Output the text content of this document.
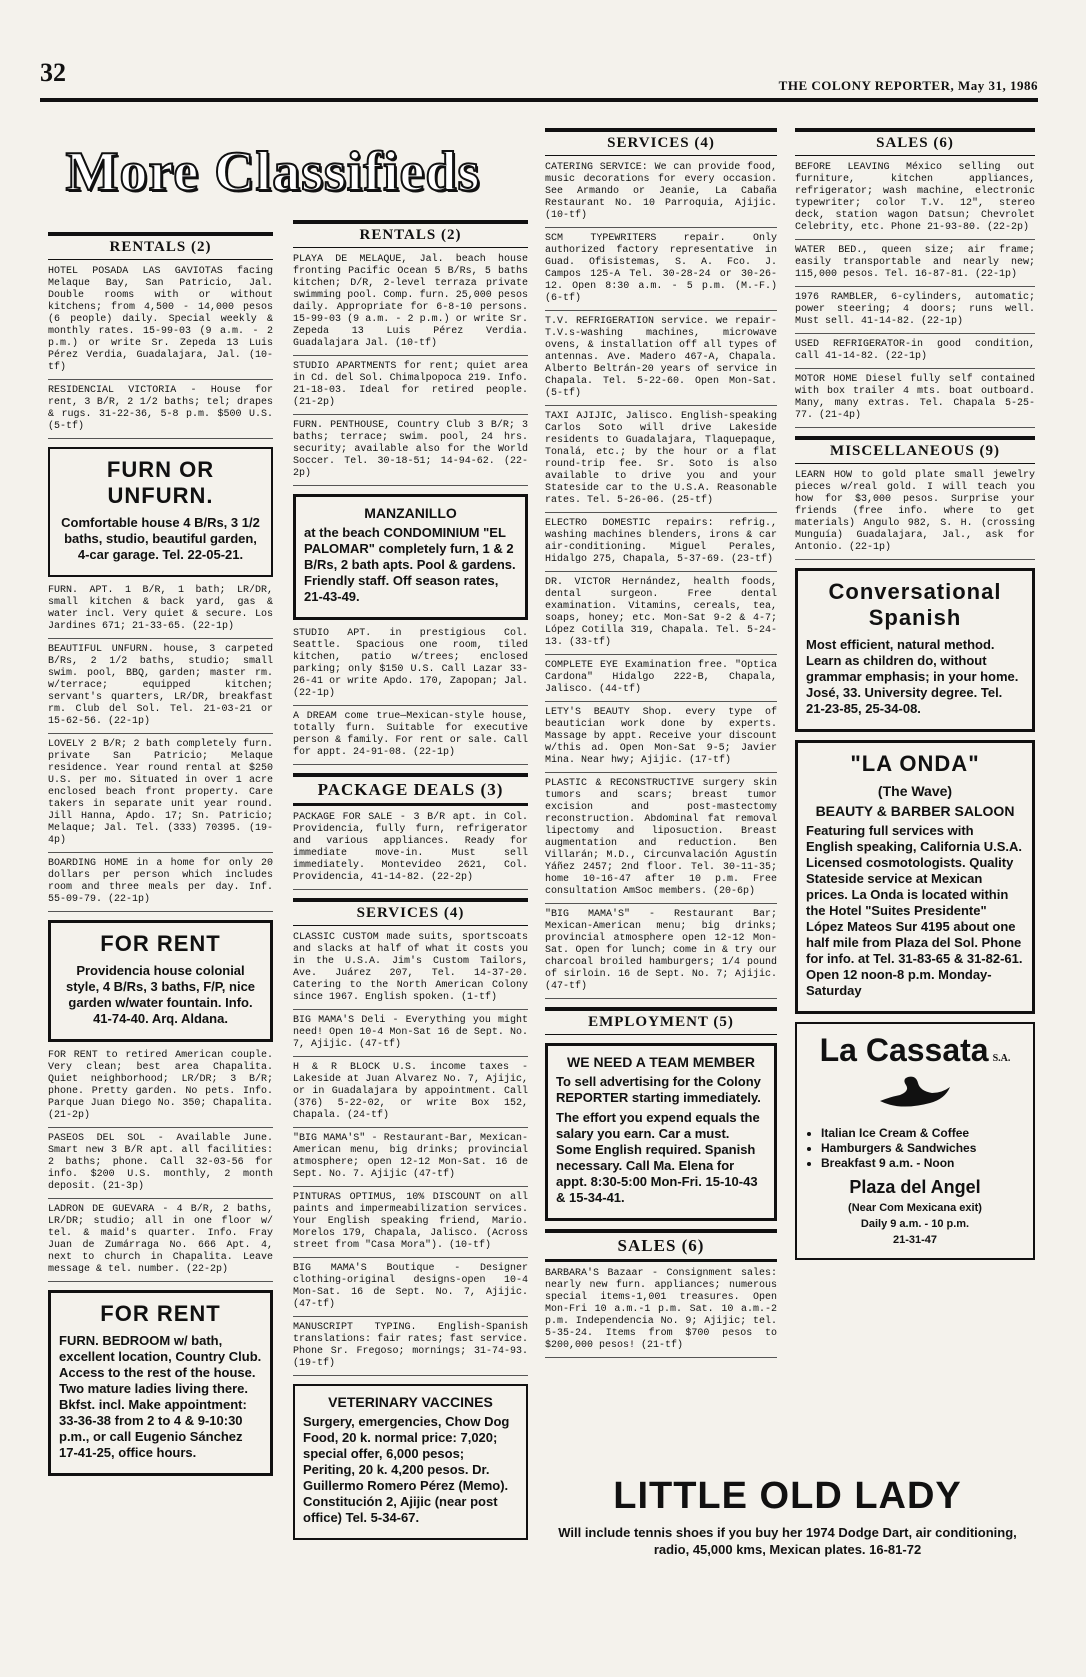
32	THE COLONY REPORTER, May 31, 1986
More Classifieds
RENTALS (2)

HOTEL POSADA LAS GAVIOTAS facing Melaque Bay, San Patricio, Jal. Double rooms with or without kitchens; from 4,500 - 14,000 pesos (6 people) daily. Special weekly & monthly rates. 15-99-03 (9 a.m. - 2 p.m.) or write Sr. Zepeda 13 Luis Pérez Verdia, Guadalajara, Jal. (10-tf)

RESIDENCIAL VICTORIA - House for rent, 3 B/R, 2 1/2 baths; tel; drapes & rugs. 31-22-36, 5-8 p.m. $500 U.S. (5-tf)

FURN OR UNFURN.

Comfortable house 4 B/Rs, 3 1/2 baths, studio, beautiful garden, 4-car garage. Tel. 22-05-21.

FURN. APT. 1 B/R, 1 bath; LR/DR, small kitchen & back yard, gas & water incl. Very quiet & secure. Los Jardines 671; 21-33-65. (22-1p)

BEAUTIFUL UNFURN. house, 3 carpeted B/Rs, 2 1/2 baths, studio; small swim. pool, BBQ, garden; master rm. w/terrace; equipped kitchen; servant's quarters, LR/DR, breakfast rm. Club del Sol. Tel. 21-03-21 or 15-62-56. (22-1p)

LOVELY 2 B/R; 2 bath completely furn. private San Patricio; Melaque residence. Year round rental at $250 U.S. per mo. Situated in over 1 acre enclosed beach front property. Care takers in separate unit year round. Jill Hanna, Apdo. 17; Sn. Patricio; Melaque; Jal. Tel. (333) 70395. (19-4p)

BOARDING HOME in a home for only 20 dollars per person which includes room and three meals per day. Inf. 55-09-79. (22-1p)

FOR RENT

Providencia house colonial style, 4 B/Rs, 3 baths, F/P, nice garden w/water fountain. Info. 41-74-40. Arq. Aldana.

FOR RENT to retired American couple. Very clean; best area Chapalita. Quiet neighborhood; LR/DR; 3 B/R; phone. Pretty garden. No pets. Info. Parque Juan Diego No. 350; Chapalita. (21-2p)

PASEOS DEL SOL - Available June. Smart new 3 B/R apt. all facilities: 2 baths; phone. Call 32-03-56 for info. $200 U.S. monthly, 2 month deposit. (21-3p)

LADRON DE GUEVARA - 4 B/R, 2 baths, LR/DR; studio; all in one floor w/ tel. & maid's quarter. Info. Fray Juan de Zumárraga No. 666 Apt. 4, next to church in Chapalita. Leave message & tel. number. (22-2p)

FOR RENT

FURN. BEDROOM w/ bath, excellent location, Country Club. Access to the rest of the house. Two mature ladies living there. Bkfst. incl. Make appointment: 33-36-38 from 2 to 4 & 9-10:30 p.m., or call Eugenio Sánchez 17-41-25, office hours.

RENTALS (2)

PLAYA DE MELAQUE, Jal. beach house fronting Pacific Ocean 5 B/Rs, 5 baths kitchen; D/R, 2-level terraza private swimming pool. Comp. furn. 25,000 pesos daily. Appropriate for 6-8-10 persons. 15-99-03 (9 a.m. - 2 p.m.) or write Sr. Zepeda 13 Luis Pérez Verdia. Guadalajara Jal. (10-tf)

STUDIO APARTMENTS for rent; quiet area in Cd. del Sol. Chimalpopoca 219. Info. 21-18-03. Ideal for retired people. (21-2p)

FURN. PENTHOUSE, Country Club 3 B/R; 3 baths; terrace; swim. pool, 24 hrs. security; available also for the World Soccer. Tel. 30-18-51; 14-94-62. (22-2p)

MANZANILLO

at the beach CONDOMINIUM "EL PALOMAR" completely furn, 1 & 2 B/Rs, 2 bath apts. Pool & gardens. Friendly staff. Off season rates, 21-43-49.

STUDIO APT. in prestigious Col. Seattle. Spacious one room, tiled kitchen, patio w/trees; enclosed parking; only $150 U.S. Call Lazar 33-26-41 or write Apdo. 170, Zapopan; Jal. (22-1p)

A DREAM come true—Mexican-style house, totally furn. Suitable for executive person & family. For rent or sale. Call for appt. 24-91-08. (22-1p)

PACKAGE DEALS (3)

PACKAGE FOR SALE - 3 B/R apt. in Col. Providencia, fully furn, refrigerator and various appliances. Ready for immediate move-in. Must sell immediately. Montevideo 2621, Col. Providencia, 41-14-82. (22-2p)

SERVICES (4)

CLASSIC CUSTOM made suits, sportscoats and slacks at half of what it costs you in the U.S.A. Jim's Custom Tailors, Ave. Juárez 207, Tel. 14-37-20. Catering to the North American Colony since 1967. English spoken. (1-tf)

BIG MAMA'S Deli - Everything you might need! Open 10-4 Mon-Sat 16 de Sept. No. 7, Ajijic. (47-tf)

H & R BLOCK U.S. income taxes - Lakeside at Juan Alvarez No. 7, Ajijic, or in Guadalajara by appointment. Call (376) 5-22-02, or write Box 152, Chapala. (24-tf)

"BIG MAMA'S" - Restaurant-Bar, Mexican-American menu, big drinks; provincial atmosphere; open 12-12 Mon-Sat. 16 de Sept. No. 7. Ajijic (47-tf)

PINTURAS OPTIMUS, 10% DISCOUNT on all paints and impermeabilization services. Your English speaking friend, Mario. Morelos 179, Chapala, Jalisco. (Across street from "Casa Mora"). (10-tf)

BIG MAMA'S Boutique - Designer clothing-original designs-open 10-4 Mon-Sat. 16 de Sept. No. 7, Ajijic. (47-tf)

MANUSCRIPT TYPING. English-Spanish translations: fair rates; fast service. Phone Sr. Fregoso; mornings; 31-74-93. (19-tf)

VETERINARY VACCINES

Surgery, emergencies, Chow Dog Food, 20 k. normal price: 7,020; special offer, 6,000 pesos; Periting, 20 k. 4,200 pesos. Dr. Guillermo Romero Pérez (Memo). Constitución 2, Ajijic (near post office) Tel. 5-34-67.

SERVICES (4)

CATERING SERVICE: We can provide food, music decorations for every occasion. See Armando or Jeanie, La Cabaña Restaurant No. 10 Parroquia, Ajijic. (10-tf)

SCM TYPEWRITERS repair. Only authorized factory representative in Guad. Ofisistemas, S. A. Fco. J. Campos 125-A Tel. 30-28-24 or 30-26-12. Open 8:30 a.m. - 5 p.m. (M.-F.) (6-tf)

T.V. REFRIGERATION service. we repair-T.V.s-washing machines, microwave ovens, & installation off all types of antennas. Ave. Madero 467-A, Chapala. Alberto Beltrán-20 years of service in Chapala. Tel. 5-22-60. Open Mon-Sat. (5-tf)

TAXI AJIJIC, Jalisco. English-speaking Carlos Soto will drive Lakeside residents to Guadalajara, Tlaquepaque, Tonalá, etc.; by the hour or a flat round-trip fee. Sr. Soto is also available to drive you and your Stateside car to the U.S.A. Reasonable rates. Tel. 5-26-06. (25-tf)

ELECTRO DOMESTIC repairs: refrig., washing machines blenders, irons & car air-conditioning. Miguel Perales, Hidalgo 275, Chapala, 5-37-69. (23-tf)

DR. VICTOR Hernández, health foods, dental surgeon. Free dental examination. Vitamins, cereals, tea, soaps, honey; etc. Mon-Sat 9-2 & 4-7; López Cotilla 319, Chapala. Tel. 5-24-13. (33-tf)

COMPLETE EYE Examination free. "Optica Cardona" Hidalgo 222-B, Chapala, Jalisco. (44-tf)

LETY'S BEAUTY Shop. every type of beautician work done by experts. Massage by appt. Receive your discount w/this ad. Open Mon-Sat 9-5; Javier Mina. Near hwy; Ajijic. (17-tf)

PLASTIC & RECONSTRUCTIVE surgery skin tumors and scars; breast tumor excision and post-mastectomy reconstruction. Abdominal fat removal lipectomy and liposuction. Breast augmentation and reduction. Ben Villarán; M.D., Circunvalación Agustín Yáñez 2457; 2nd floor. Tel. 30-11-35; home 10-16-47 after 10 p.m. Free consultation AmSoc members. (20-6p)

"BIG MAMA'S" - Restaurant Bar; Mexican-American menu; big drinks; provincial atmosphere open 12-12 Mon-Sat. Open for lunch; come in & try our charcoal broiled hamburgers; 1/4 pound of sirloin. 16 de Sept. No. 7; Ajijic. (47-tf)

EMPLOYMENT (5)
WE NEED A TEAM MEMBER

To sell advertising for the Colony REPORTER starting immediately.

The effort you expend equals the salary you earn. Car a must. Some English required. Spanish necessary. Call Ma. Elena for appt. 8:30-5:00 Mon-Fri. 15-10-43 & 15-34-41.

SALES (6)

BARBARA'S Bazaar - Consignment sales: nearly new furn. appliances; numerous special items-1,001 treasures. Open Mon-Fri 10 a.m.-1 p.m. Sat. 10 a.m.-2 p.m. Independencia No. 9; Ajijic; tel. 5-35-24. Items from $700 pesos to $200,000 pesos! (21-tf)

SALES (6)

BEFORE LEAVING México selling out furniture, kitchen appliances, refrigerator; wash machine, electronic typewriter; color T.V. 12", stereo deck, station wagon Datsun; Chevrolet Celebrity, etc. Phone 21-93-80. (22-2p)

WATER BED., queen size; air frame; easily transportable and nearly new; 115,000 pesos. Tel. 16-87-81. (22-1p)

1976 RAMBLER, 6-cylinders, automatic; power steering; 4 doors; runs well. Must sell. 41-14-82. (22-1p)

USED REFRIGERATOR-in good condition, call 41-14-82. (22-1p)

MOTOR HOME Diesel fully self contained with box trailer 4 mts. boat outboard. Many, many extras. Tel. Chapala 5-25-77. (21-4p)

MISCELLANEOUS (9)

LEARN HOW to gold plate small jewelry pieces w/real gold. I will teach you how for $3,000 pesos. Surprise your friends (free info. where to get materials) Angulo 982, S. H. (crossing Munguía) Guadalajara, Jal., ask for Antonio. (22-1p)

Conversational Spanish

Most efficient, natural method. Learn as children do, without grammar emphasis; in your home. José, 33. University degree. Tel. 21-23-85, 25-34-08.

"LA ONDA"
(The Wave)
BEAUTY & BARBER SALOON

Featuring full services with English speaking, California U.S.A. Licensed cosmotologists. Quality Stateside service at Mexican prices. La Onda is located within the Hotel "Suites Presidente" López Mateos Sur 4195 about one half mile from Plaza del Sol. Phone for info. at Tel. 31-83-65 & 31-82-61. Open 12 noon-8 p.m. Monday-Saturday

La Cassata S.A.
• Italian Ice Cream & Coffee
• Hamburgers & Sandwiches
• Breakfast 9 a.m. - Noon
Plaza del Angel
(Near Com Mexicana exit)
Daily 9 a.m. - 10 p.m.
21-31-47
LITTLE OLD LADY

Will include tennis shoes if you buy her 1974 Dodge Dart, air conditioning, radio, 45,000 kms, Mexican plates. 16-81-72
